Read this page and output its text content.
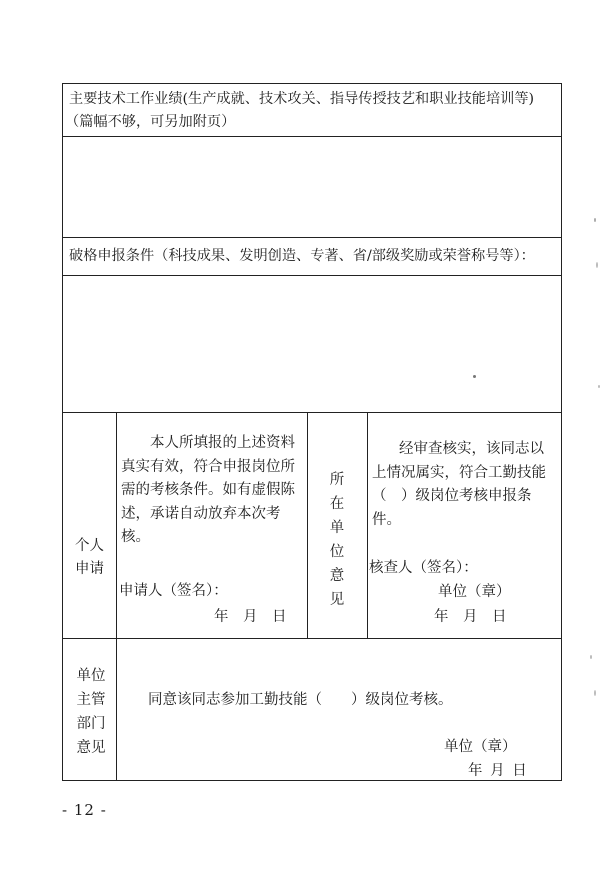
主要技术工作业绩(生产成就、技术攻关、指导传授技艺和职业技能培训等)
（篇幅不够，可另加附页）
破格申报条件（科技成果、发明创造、专著、省/部级奖励或荣誉称号等）：
个人
申请
本人所填报的上述资料真实有效，符合申报岗位所需的考核条件。如有虚假陈述，承诺自动放弃本次考核。
申请人（签名）：
年　月　日
所
在
单
位
意
见
经审查核实，该同志以上情况属实，符合工勤技能（　）级岗位考核申报条件。
核查人（签名）：
单位（章）
年　月　日
单位
主管
部门
意见
同意该同志参加工勤技能（　　）级岗位考核。
单位（章）
年 月 日
- 12 -
